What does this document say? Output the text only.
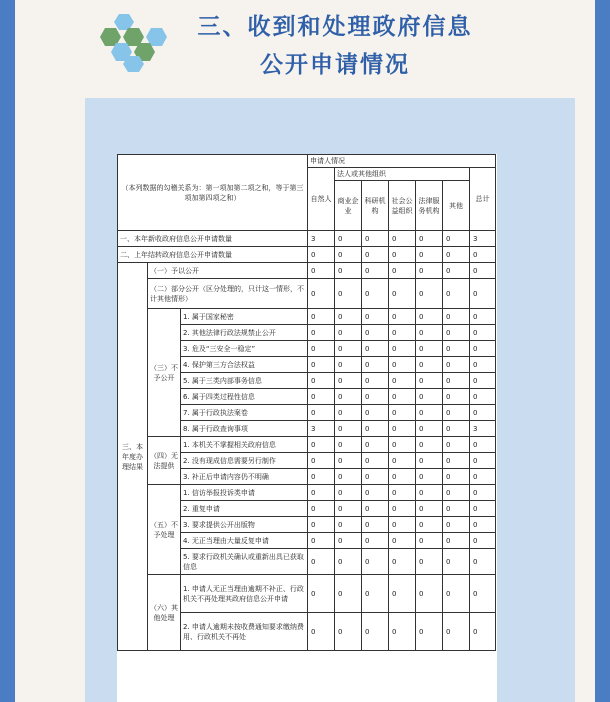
三、收到和处理政府信息
公开申请情况
（本列数据的勾稽关系为：第一项加第二项之和，等于第三项加第四项之和）			申请人情况						
			自然人	法人或其他组织					总计
				商业企业	科研机构	社会公益组织	法律服务机构	其他	
一、本年新收政府信息公开申请数量			3	0	0	0	0	0	3
二、上年结转政府信息公开申请数量			0	0	0	0	0	0	0
三、本年度办理结果	（一）予以公开		0	0	0	0	0	0	0
	（二）部分公开（区分处理的，只计这一情形，不计其他情形）		0	0	0	0	0	0	0
	（三）不予公开	1. 属于国家秘密	0	0	0	0	0	0	0
		2. 其他法律行政法规禁止公开	0	0	0	0	0	0	0
		3. 危及“三安全一稳定”	0	0	0	0	0	0	0
		4. 保护第三方合法权益	0	0	0	0	0	0	0
		5. 属于三类内部事务信息	0	0	0	0	0	0	0
		6. 属于四类过程性信息	0	0	0	0	0	0	0
		7. 属于行政执法案卷	0	0	0	0	0	0	0
		8. 属于行政查询事项	3	0	0	0	0	0	3
	（四）无法提供	1. 本机关不掌握相关政府信息	0	0	0	0	0	0	0
		2. 没有现成信息需要另行制作	0	0	0	0	0	0	0
		3. 补正后申请内容仍不明确	0	0	0	0	0	0	0
	（五）不予处理	1. 信访举报投诉类申请	0	0	0	0	0	0	0
		2. 重复申请	0	0	0	0	0	0	0
		3. 要求提供公开出版物	0	0	0	0	0	0	0
		4. 无正当理由大量反复申请	0	0	0	0	0	0	0
		5. 要求行政机关确认或重新出具已获取信息	0	0	0	0	0	0	0
	（六）其他处理	1. 申请人无正当理由逾期不补正、行政机关不再处理其政府信息公开申请	0	0	0	0	0	0	0
		2. 申请人逾期未按收费通知要求缴纳费用、行政机关不再处	0	0	0	0	0	0	0
